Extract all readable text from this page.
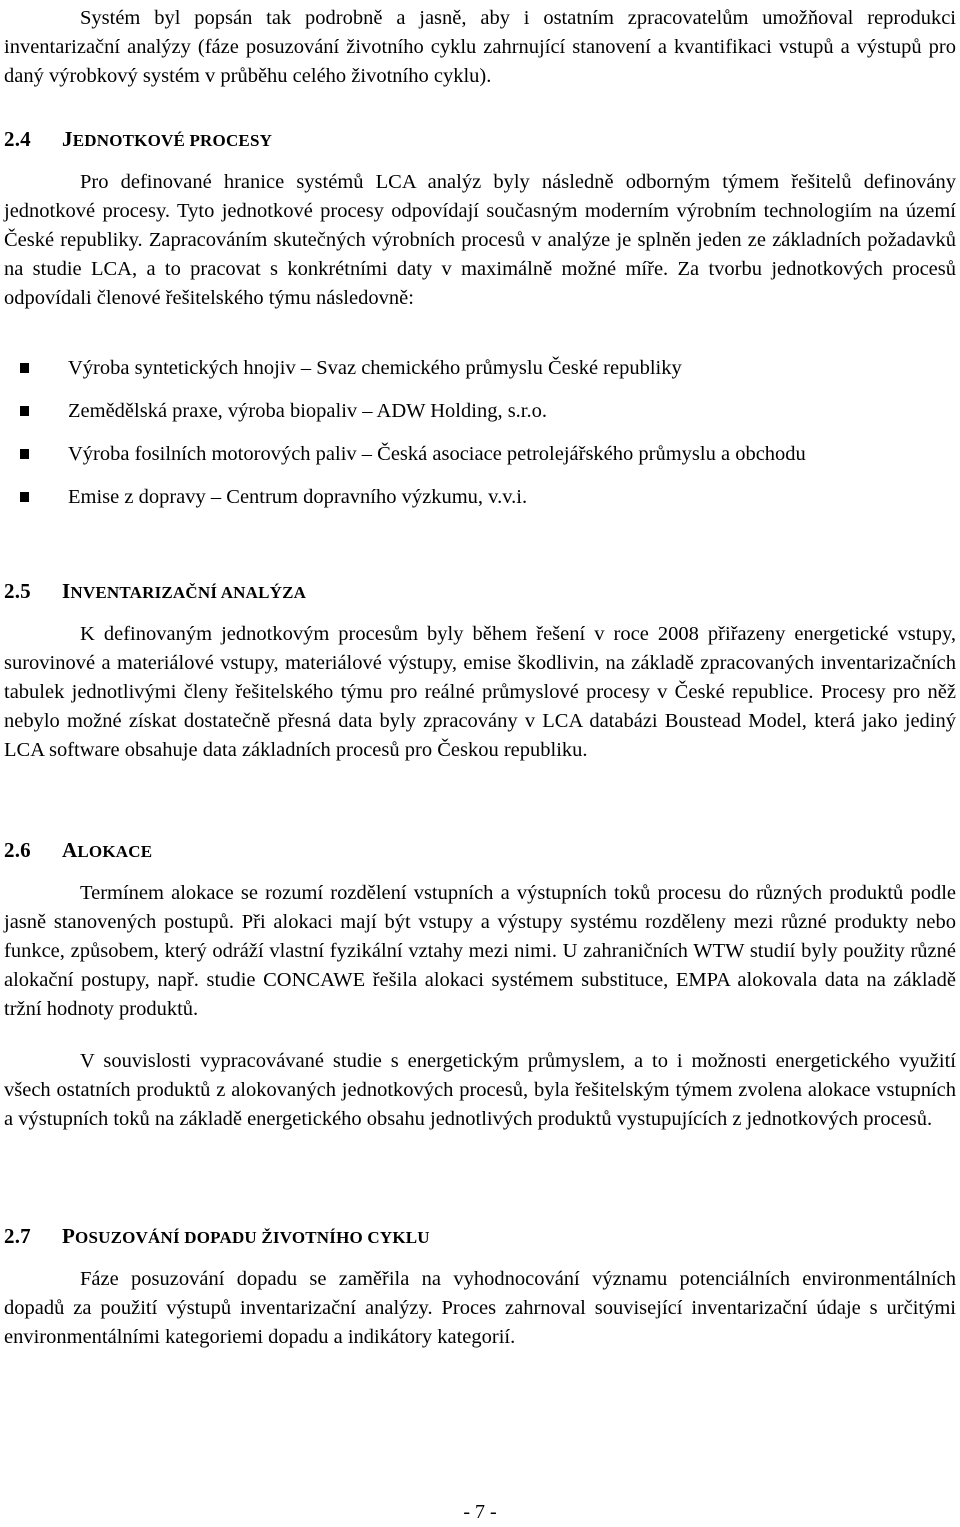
Systém byl popsán tak podrobně a jasně, aby i ostatním zpracovatelům umožňoval reprodukci inventarizační analýzy (fáze posuzování životního cyklu zahrnující stanovení a kvantifikaci vstupů a výstupů pro daný výrobkový systém v průběhu celého životního cyklu).

2.4 JEDNOTKOVÉ PROCESY

Pro definované hranice systémů LCA analýz byly následně odborným týmem řešitelů definovány jednotkové procesy. Tyto jednotkové procesy odpovídají současným moderním výrobním technologiím na území České republiky. Zapracováním skutečných výrobních procesů v analýze je splněn jeden ze základních požadavků na studie LCA, a to pracovat s konkrétními daty v maximálně možné míře. Za tvorbu jednotkových procesů odpovídali členové řešitelského týmu následovně:

Výroba syntetických hnojiv – Svaz chemického průmyslu České republiky
Zemědělská praxe, výroba biopaliv – ADW Holding, s.r.o.
Výroba fosilních motorových paliv – Česká asociace petrolejářského průmyslu a obchodu
Emise z dopravy – Centrum dopravního výzkumu, v.v.i.
2.5 INVENTARIZAČNÍ ANALÝZA

K definovaným jednotkovým procesům byly během řešení v roce 2008 přiřazeny energetické vstupy, surovinové a materiálové vstupy, materiálové výstupy, emise škodlivin, na základě zpracovaných inventarizačních tabulek jednotlivými členy řešitelského týmu pro reálné průmyslové procesy v České republice. Procesy pro něž nebylo možné získat dostatečně přesná data byly zpracovány v LCA databázi Boustead Model, která jako jediný LCA software obsahuje data základních procesů pro Českou republiku.

2.6 ALOKACE

Termínem alokace se rozumí rozdělení vstupních a výstupních toků procesu do různých produktů podle jasně stanovených postupů. Při alokaci mají být vstupy a výstupy systému rozděleny mezi různé produkty nebo funkce, způsobem, který odráží vlastní fyzikální vztahy mezi nimi. U zahraničních WTW studií byly použity různé alokační postupy, např. studie CONCAWE řešila alokaci systémem substituce, EMPA alokovala data na základě tržní hodnoty produktů.

V souvislosti vypracovávané studie s energetickým průmyslem, a to i možnosti energetického využití všech ostatních produktů z alokovaných jednotkových procesů, byla řešitelským týmem zvolena alokace vstupních a výstupních toků na základě energetického obsahu jednotlivých produktů vystupujících z jednotkových procesů.

2.7 POSUZOVÁNÍ DOPADU ŽIVOTNÍHO CYKLU

Fáze posuzování dopadu se zaměřila na vyhodnocování významu potenciálních environmentálních dopadů za použití výstupů inventarizační analýzy. Proces zahrnoval související inventarizační údaje s určitými environmentálními kategoriemi dopadu a indikátory kategorií.

- 7 -
